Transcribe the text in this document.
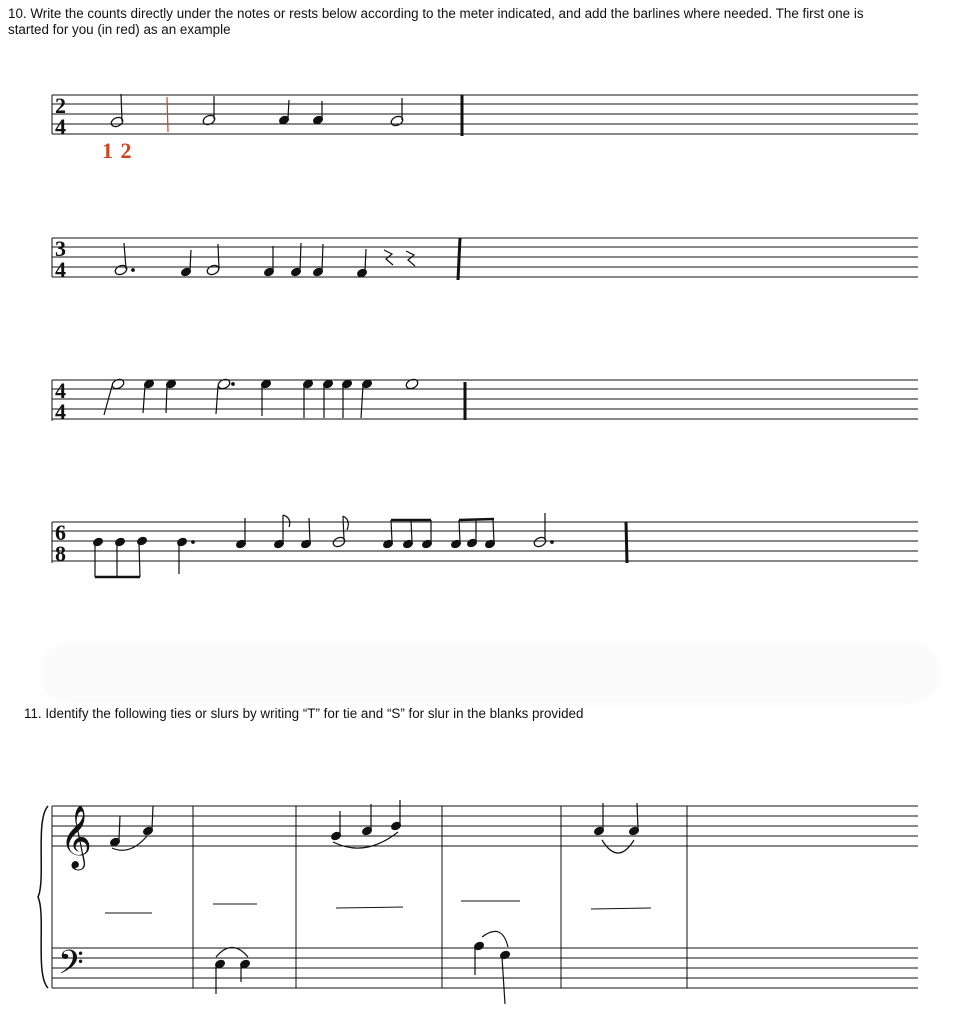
10. Write the counts directly under the notes or rests below according to the meter indicated, and add the barlines where needed. The first one is started for you (in red) as an example
1 2
11. Identify the following ties or slurs by writing “T” for tie and “S” for slur in the blanks provided
2
4
3
4
4
4
6
8
𝄞
𝄢
